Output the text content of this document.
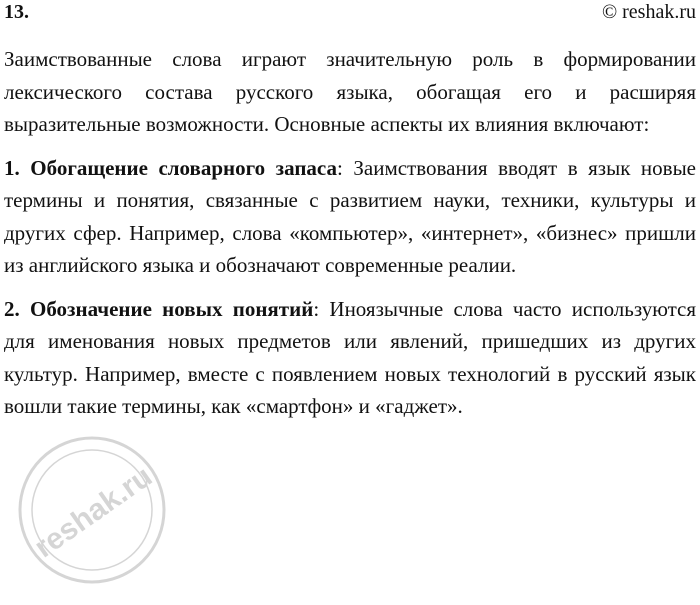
13.	© reshak.ru

Заимствованные слова играют значительную роль в формировании лексического состава русского языка, обогащая его и расширяя выразительные возможности. Основные аспекты их влияния включают:

1. Обогащение словарного запаса: Заимствования вводят в язык новые термины и понятия, связанные с развитием науки, техники, культуры и других сфер. Например, слова «компьютер», «интернет», «бизнес» пришли из английского языка и обозначают современные реалии.

2. Обозначение новых понятий: Иноязычные слова часто используются для именования новых предметов или явлений, пришедших из других культур. Например, вместе с появлением новых технологий в русский язык вошли такие термины, как «смартфон» и «гаджет».

reshak.ru
